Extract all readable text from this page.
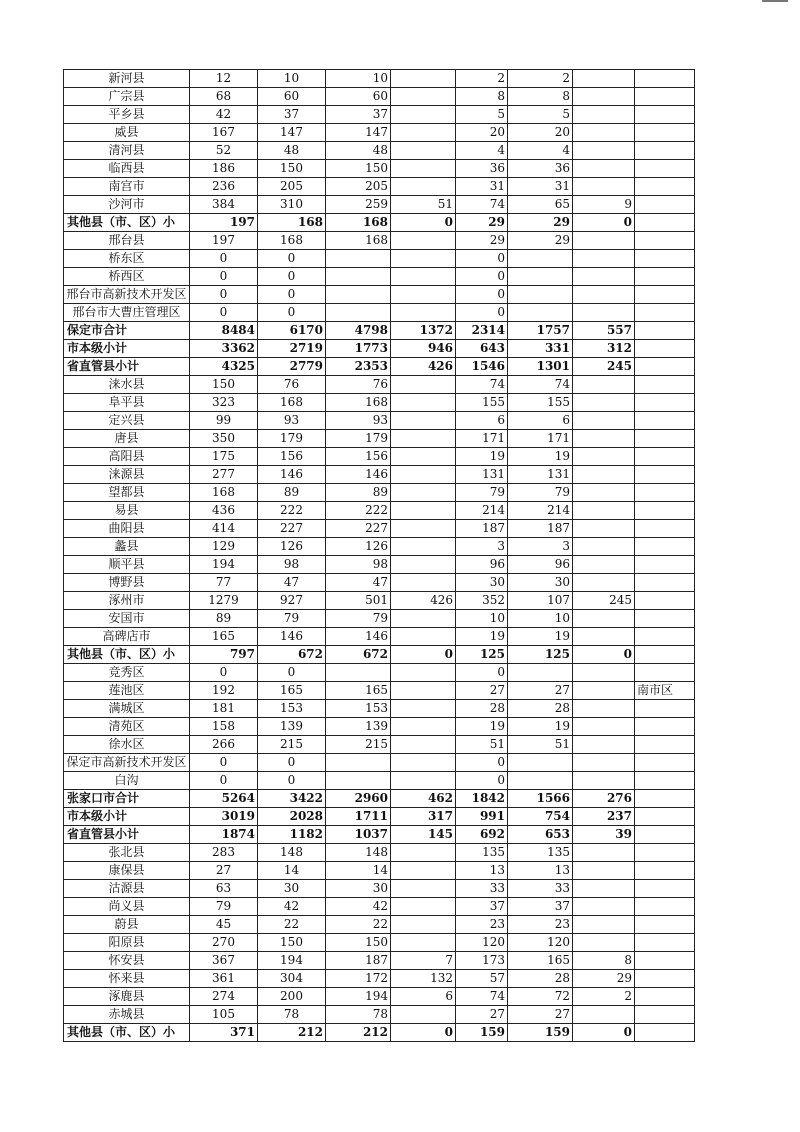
新河县	12	10	10		2	2		
广宗县	68	60	60		8	8		
平乡县	42	37	37		5	5		
威县	167	147	147		20	20		
清河县	52	48	48		4	4		
临西县	186	150	150		36	36		
南宫市	236	205	205		31	31		
沙河市	384	310	259	51	74	65	9	
其他县（市、区）小	197	168	168	0	29	29	0	
邢台县	197	168	168		29	29		
桥东区	0	0			0			
桥西区	0	0			0			
邢台市高新技术开发区	0	0			0			
邢台市大曹庄管理区	0	0			0			
保定市合计	8484	6170	4798	1372	2314	1757	557	
市本级小计	3362	2719	1773	946	643	331	312	
省直管县小计	4325	2779	2353	426	1546	1301	245	
涞水县	150	76	76		74	74		
阜平县	323	168	168		155	155		
定兴县	99	93	93		6	6		
唐县	350	179	179		171	171		
高阳县	175	156	156		19	19		
涞源县	277	146	146		131	131		
望都县	168	89	89		79	79		
易县	436	222	222		214	214		
曲阳县	414	227	227		187	187		
蠡县	129	126	126		3	3		
顺平县	194	98	98		96	96		
博野县	77	47	47		30	30		
涿州市	1279	927	501	426	352	107	245	
安国市	89	79	79		10	10		
高碑店市	165	146	146		19	19		
其他县（市、区）小	797	672	672	0	125	125	0	
竞秀区	0	0			0			
莲池区	192	165	165		27	27		南市区
满城区	181	153	153		28	28		
清苑区	158	139	139		19	19		
徐水区	266	215	215		51	51		
保定市高新技术开发区	0	0			0			
白沟	0	0			0			
张家口市合计	5264	3422	2960	462	1842	1566	276	
市本级小计	3019	2028	1711	317	991	754	237	
省直管县小计	1874	1182	1037	145	692	653	39	
张北县	283	148	148		135	135		
康保县	27	14	14		13	13		
沽源县	63	30	30		33	33		
尚义县	79	42	42		37	37		
蔚县	45	22	22		23	23		
阳原县	270	150	150		120	120		
怀安县	367	194	187	7	173	165	8	
怀来县	361	304	172	132	57	28	29	
涿鹿县	274	200	194	6	74	72	2	
赤城县	105	78	78		27	27		
其他县（市、区）小	371	212	212	0	159	159	0	
